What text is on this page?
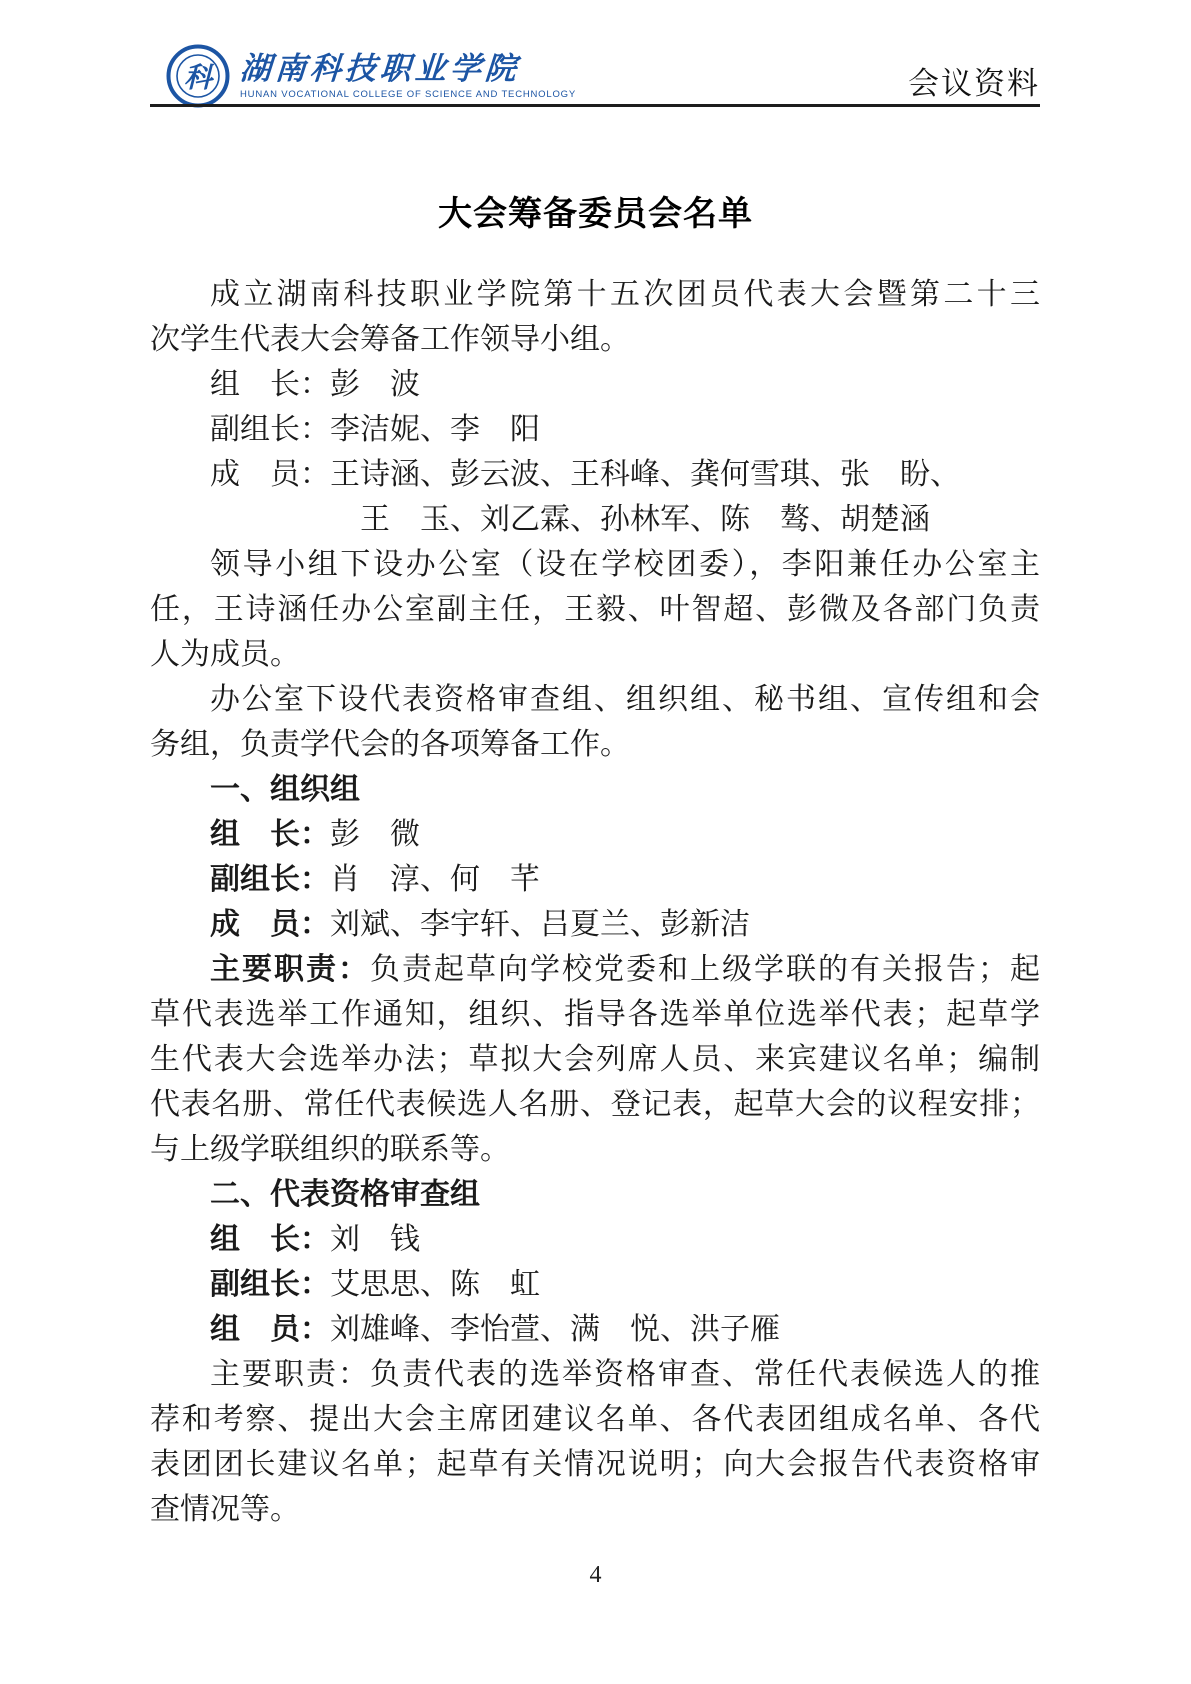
科 湖南科技职业学院
HUNAN VOCATIONAL COLLEGE OF SCIENCE AND TECHNOLOGY	会议资料
大会筹备委员会名单
成立湖南科技职业学院第十五次团员代表大会暨第二十三
次学生代表大会筹备工作领导小组。
组　长：彭　波
副组长：李洁妮、李　阳
成　员：王诗涵、彭云波、王科峰、龚何雪琪、张　盼、
王　玉、刘乙霖、孙林军、陈　骜、胡楚涵
领导小组下设办公室（设在学校团委），李阳兼任办公室主
任，王诗涵任办公室副主任，王毅、叶智超、彭微及各部门负责
人为成员。
办公室下设代表资格审查组、组织组、秘书组、宣传组和会
务组，负责学代会的各项筹备工作。
一、组织组
组　长：彭　微
副组长：肖　淳、何　芊
成　员：刘斌、李宇轩、吕夏兰、彭新洁
主要职责：负责起草向学校党委和上级学联的有关报告；起
草代表选举工作通知，组织、指导各选举单位选举代表；起草学
生代表大会选举办法；草拟大会列席人员、来宾建议名单；编制
代表名册、常任代表候选人名册、登记表，起草大会的议程安排；
与上级学联组织的联系等。
二、代表资格审查组
组　长：刘　钱
副组长：艾思思、陈　虹
组　员：刘雄峰、李怡萱、满　悦、洪子雁
主要职责：负责代表的选举资格审查、常任代表候选人的推
荐和考察、提出大会主席团建议名单、各代表团组成名单、各代
表团团长建议名单；起草有关情况说明；向大会报告代表资格审
查情况等。
4
